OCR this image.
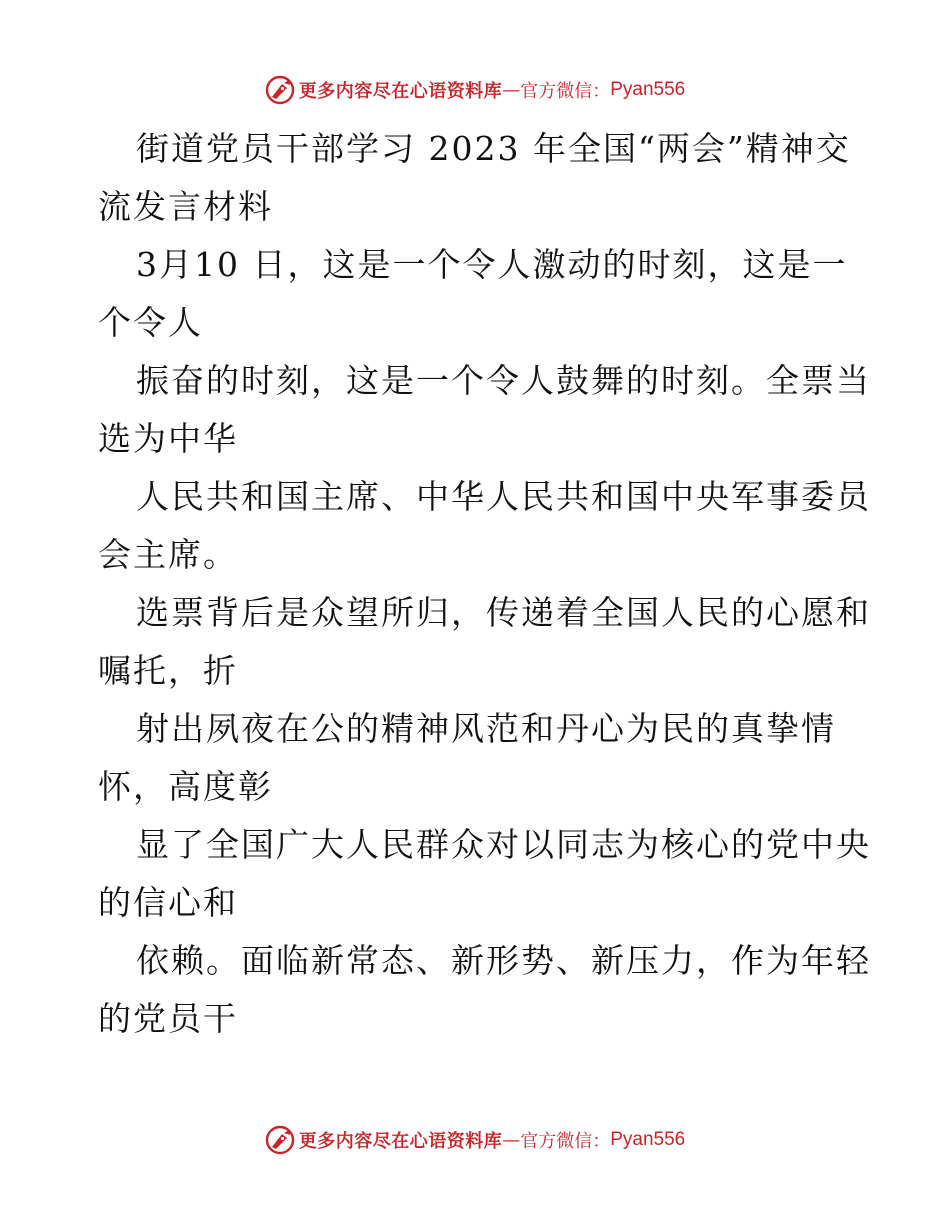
更多内容尽在心语资料库 — 官方微信： Pyan556
街道党员干部学习 2023 年全国“两会”精神交
流发言材料
3月10 日，这是一个令人激动的时刻，这是一
个令人
振奋的时刻，这是一个令人鼓舞的时刻。全票当
选为中华
人民共和国主席、中华人民共和国中央军事委员
会主席。
选票背后是众望所归，传递着全国人民的心愿和
嘱托，折
射出夙夜在公的精神风范和丹心为民的真挚情
怀，高度彰
显了全国广大人民群众对以同志为核心的党中央
的信心和
依赖。面临新常态、新形势、新压力，作为年轻
的党员干
更多内容尽在心语资料库 — 官方微信： Pyan556
